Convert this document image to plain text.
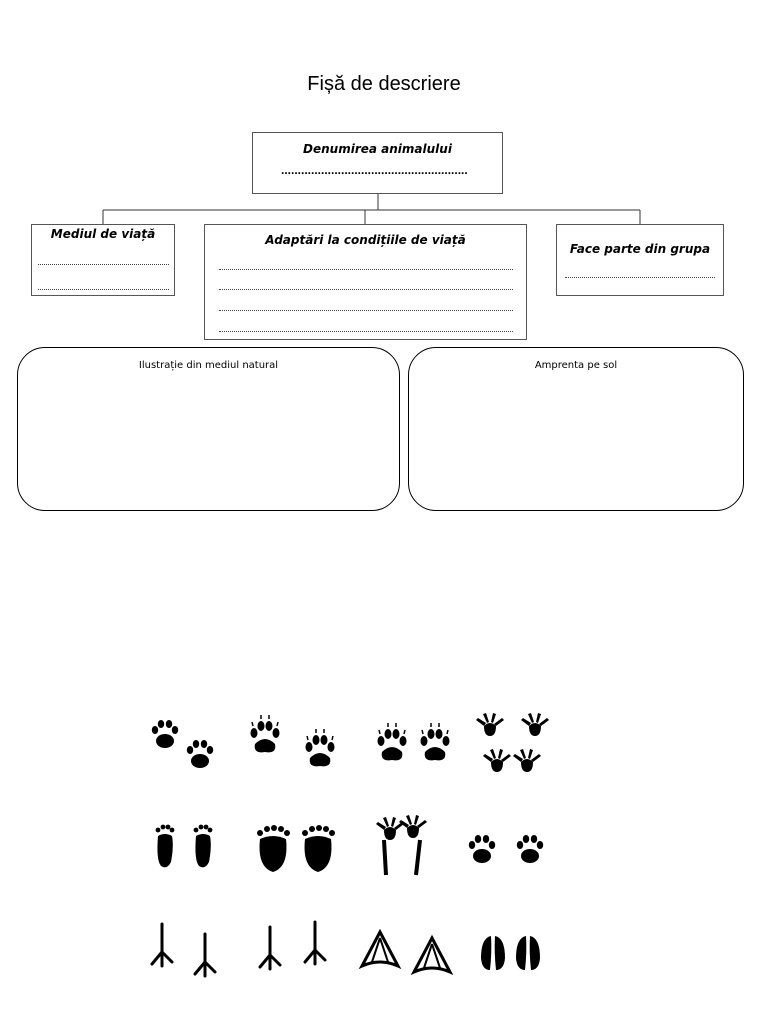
Fișă de descriere
Denumirea animalului
........................................................
Mediul de viață	Adaptări la condițiile de viață
Face parte din grupa
Ilustrație din mediul natural	Amprenta pe sol
